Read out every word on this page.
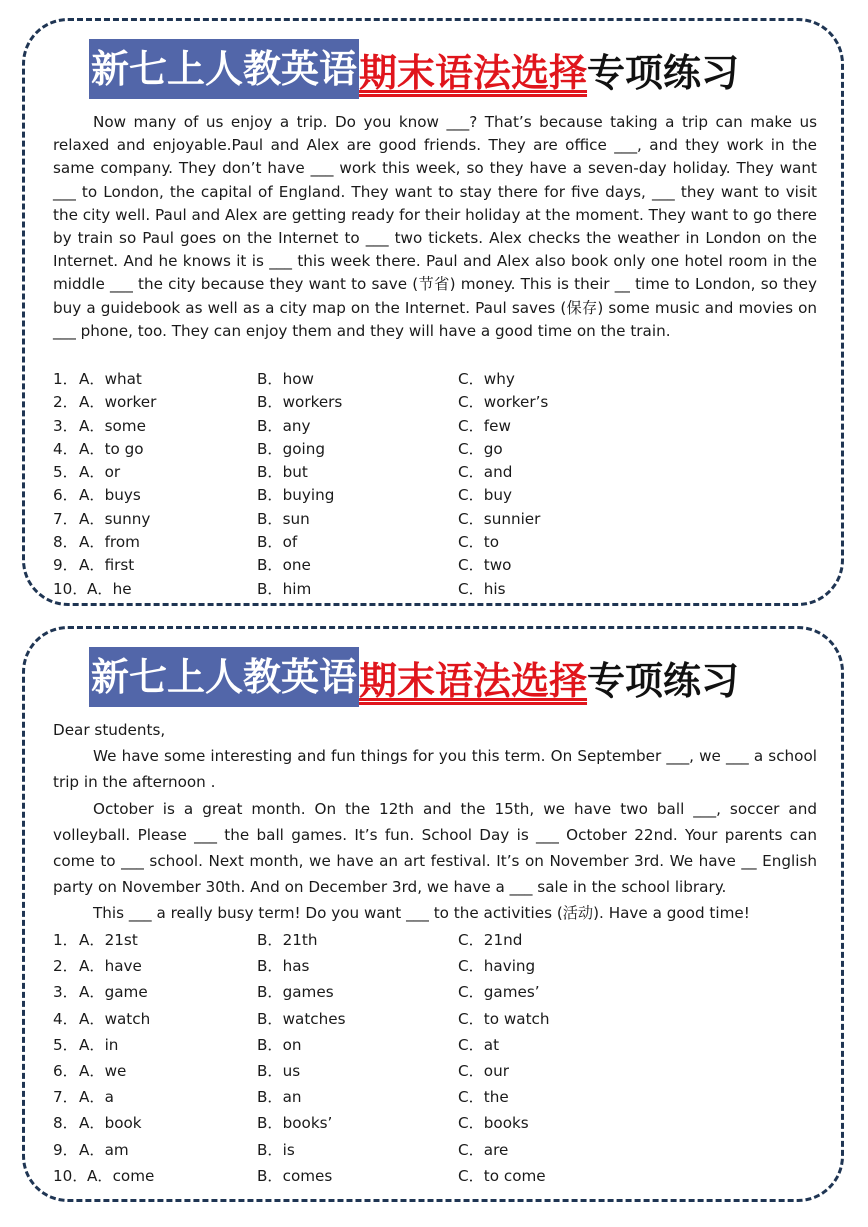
新七上人教英语 期末语法选择 专项练习

Now many of us enjoy a trip. Do you know ___? That’s because taking a trip can make us relaxed and enjoyable.Paul and Alex are good friends. They are office ___, and they work in the same company. They don’t have ___ work this week, so they have a seven-day holiday. They want ___ to London, the capital of England. They want to stay there for five days, ___ they want to visit the city well. Paul and Alex are getting ready for their holiday at the moment. They want to go there by train so Paul goes on the Internet to ___ two tickets. Alex checks the weather in London on the Internet. And he knows it is ___ this week there. Paul and Alex also book only one hotel room in the middle ___ the city because they want to save (节省) money. This is their __ time to London, so they buy a guidebook as well as a city map on the Internet. Paul saves (保存) some music and movies on ___ phone, too. They can enjoy them and they will have a good time on the train.

1． A．what	B．how	C．why
2． A．worker	B．workers	C．worker’s
3． A．some	B．any	C．few
4． A．to go	B．going	C．go
5． A．or	B．but	C．and
6． A．buys	B．buying	C．buy
7． A．sunny	B．sun	C．sunnier
8． A．from	B．of	C．to
9． A．first	B．one	C．two
10． A．he	B．him	C．his
新七上人教英语 期末语法选择 专项练习

Dear students,

We have some interesting and fun things for you this term. On September ___, we ___ a school trip in the afternoon .

October is a great month. On the 12th and the 15th, we have two ball ___, soccer and volleyball. Please ___ the ball games. It’s fun. School Day is ___ October 22nd. Your parents can come to ___ school. Next month, we have an art festival. It’s on November 3rd. We have __ English party on November 30th. And on December 3rd, we have a ___ sale in the school library.

This ___ a really busy term! Do you want ___ to the activities (活动). Have a good time!

1． A．21st	B．21th	C．21nd
2． A．have	B．has	C．having
3． A．game	B．games	C．games’
4． A．watch	B．watches	C．to watch
5． A．in	B．on	C．at
6． A．we	B．us	C．our
7． A．a	B．an	C．the
8． A．book	B．books’	C．books
9． A．am	B．is	C．are
10． A．come	B．comes	C．to come
